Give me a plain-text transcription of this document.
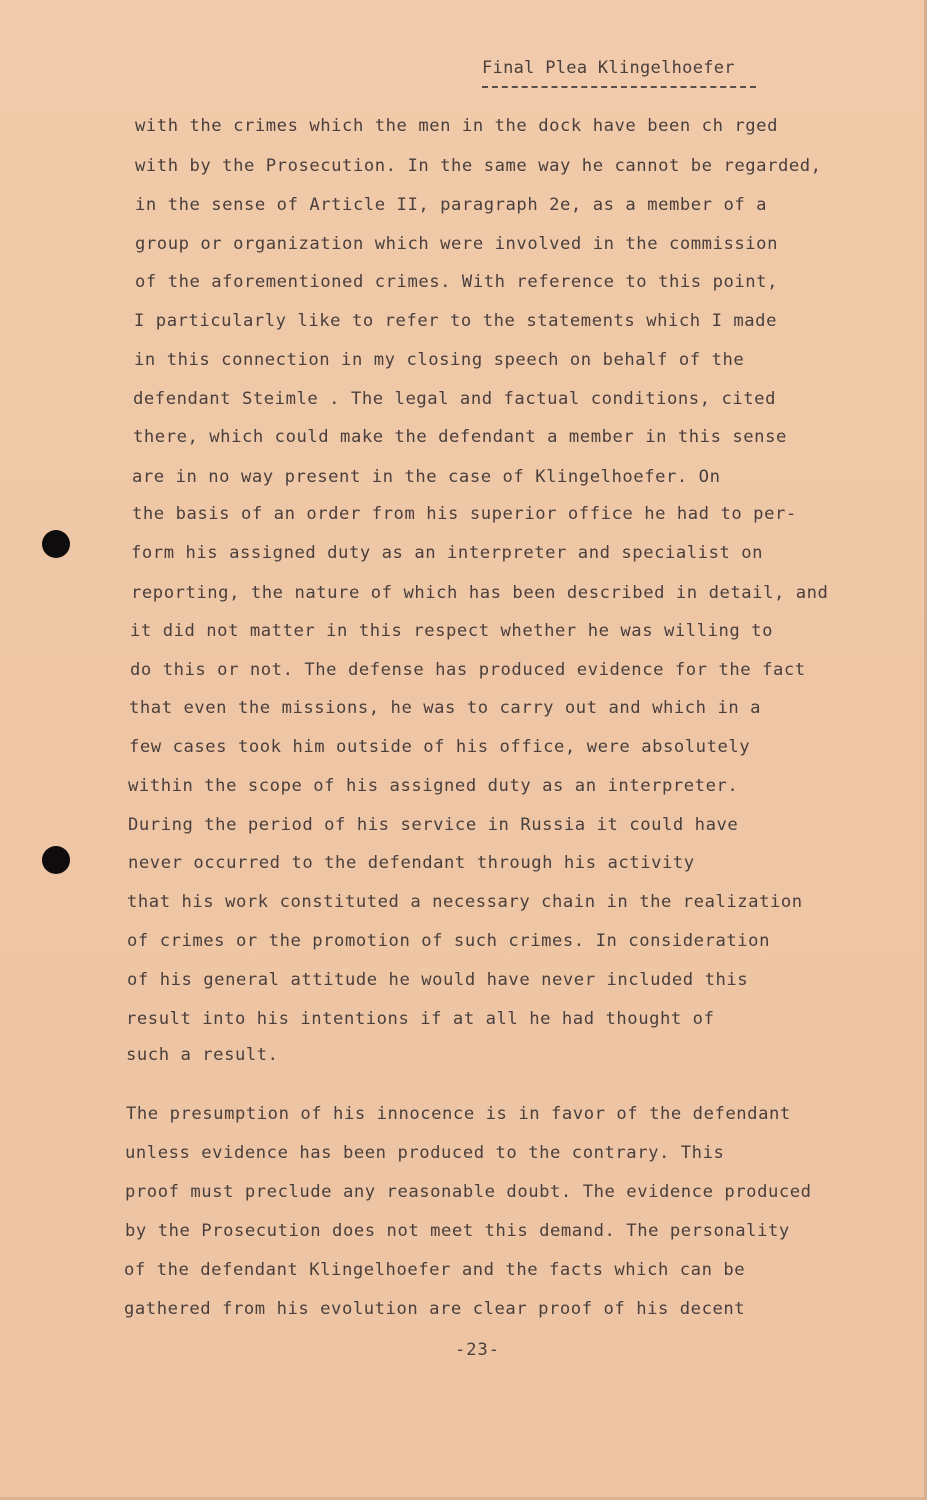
Final Plea Klingelhoefer
with the crimes which the men in the dock have been ch rged
with by the Prosecution. In the same way he cannot be regarded,
in the sense of Article II, paragraph 2e, as a member of a
group or organization which were involved in the commission
of the aforementioned crimes. With reference to this point,
I particularly like to refer to the statements which I made
in this connection in my closing speech on behalf of the
defendant Steimle . The legal and factual conditions, cited
there, which could make the defendant a member in this sense
are in no way present in the case of Klingelhoefer. On
the basis of an order from his superior office he had to per-
form his assigned duty as an interpreter and specialist on
reporting, the nature of which has been described in detail, and
it did not matter in this respect whether he was willing to
do this or not. The defense has produced evidence for the fact
that even the missions, he was to carry out and which in a
few cases took him outside of his office, were absolutely
within the scope of his assigned duty as an interpreter.
During the period of his service in Russia it could have
never occurred to the defendant through his activity
that his work constituted a necessary chain in the realization
of crimes or the promotion of such crimes. In consideration
of his general attitude he would have never included this
result into his intentions if at all he had thought of
such a result.
The presumption of his innocence is in favor of the defendant
unless evidence has been produced to the contrary. This
proof must preclude any reasonable doubt. The evidence produced
by the Prosecution does not meet this demand. The personality
of the defendant Klingelhoefer and the facts which can be
gathered from his evolution are clear proof of his decent
-23-
